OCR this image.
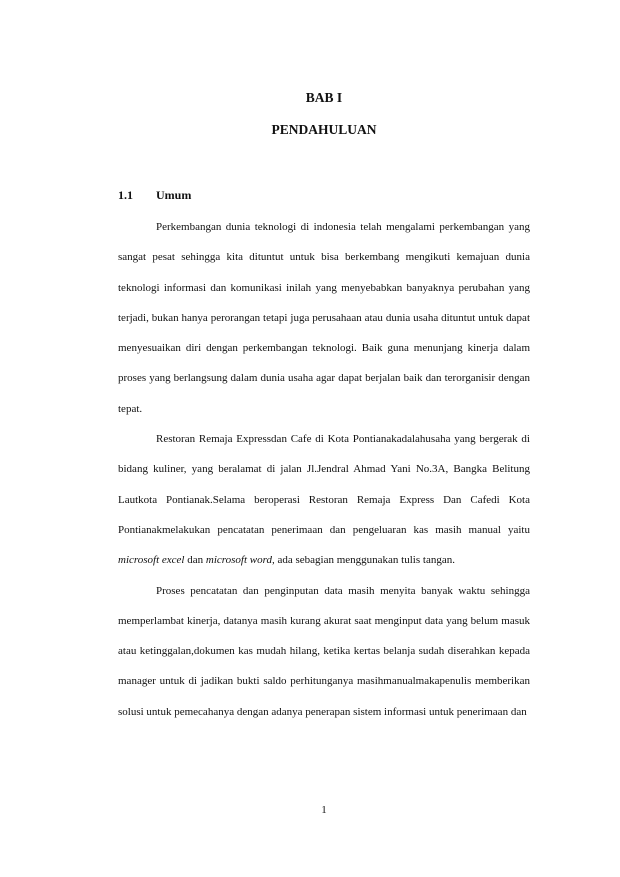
BAB I
PENDAHULUAN
1.1 Umum

Perkembangan dunia teknologi di indonesia telah mengalami perkembangan yang sangat pesat sehingga kita dituntut untuk bisa berkembang mengikuti kemajuan dunia teknologi informasi dan komunikasi inilah yang menyebabkan banyaknya perubahan yang terjadi, bukan hanya perorangan tetapi juga perusahaan atau dunia usaha dituntut untuk dapat menyesuaikan diri dengan perkembangan teknologi. Baik guna menunjang kinerja dalam proses yang berlangsung dalam dunia usaha agar dapat berjalan baik dan terorganisir dengan tepat.

Restoran Remaja Expressdan Cafe di Kota Pontianakadalahusaha yang bergerak di bidang kuliner, yang beralamat di jalan Jl.Jendral Ahmad Yani No.3A, Bangka Belitung Lautkota Pontianak.Selama beroperasi Restoran Remaja Express Dan Cafedi Kota Pontianakmelakukan pencatatan penerimaan dan pengeluaran kas masih manual yaitu microsoft excel dan microsoft word, ada sebagian menggunakan tulis tangan.

Proses pencatatan dan penginputan data masih menyita banyak waktu sehingga memperlambat kinerja, datanya masih kurang akurat saat menginput data yang belum masuk atau ketinggalan,dokumen kas mudah hilang, ketika kertas belanja sudah diserahkan kepada manager untuk di jadikan bukti saldo perhitunganya masihmanualmakapenulis memberikan solusi untuk pemecahanya dengan adanya penerapan sistem informasi untuk penerimaan dan

1
